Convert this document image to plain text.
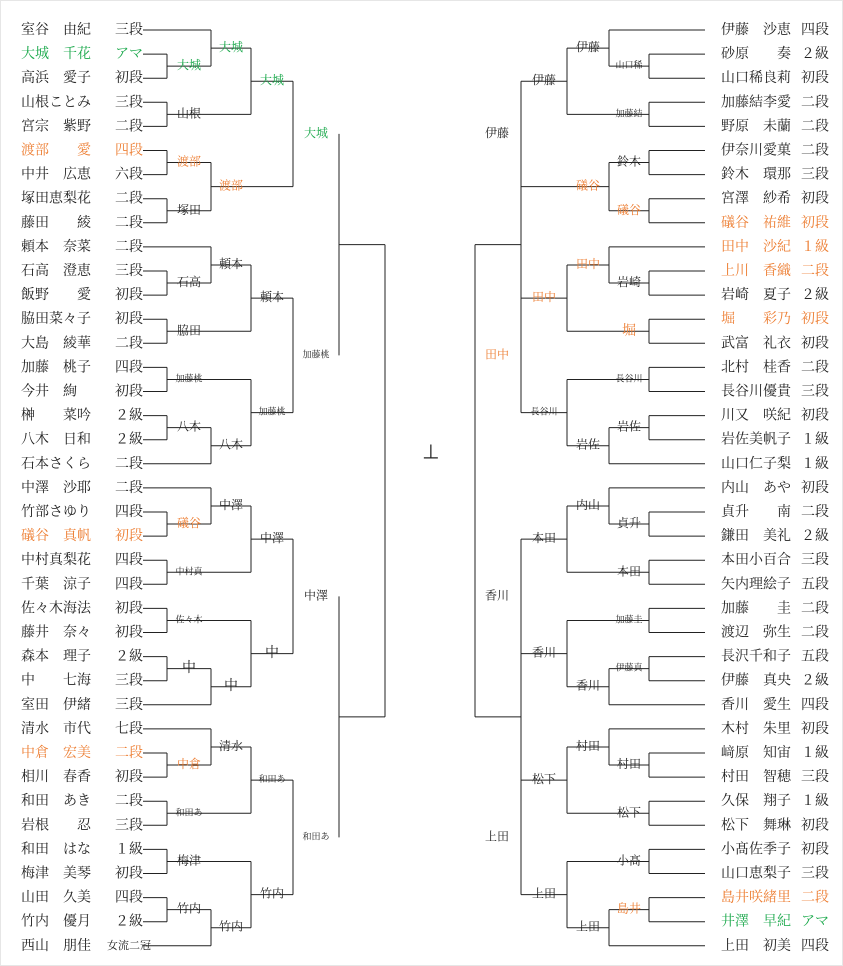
室谷　由紀 三段
大城　千花 アマ
高浜　愛子 初段
山根ことみ 三段
宮宗　紫野 二段
渡部　　愛 四段
中井　広恵 六段
塚田恵梨花 二段
藤田　　綾 二段
頼本　奈菜 二段
石高　澄恵 三段
飯野　　愛 初段
脇田菜々子 初段
大島　綾華 二段
加藤　桃子 四段
今井　絢	初段
榊　　菜吟 ２級
八木　日和 ２級
石本さくら 二段
中澤　沙耶 二段
竹部さゆり 四段
礒谷　真帆 初段
中村真梨花 四段
千葉　涼子 四段
佐々木海法 初段
藤井　奈々 初段
森本　理子 ２級
中　　七海 三段
室田　伊緒 三段
清水　市代 七段
中倉　宏美 二段
相川　春香 初段
和田　あき 二段
岩根　　忍 三段
和田　はな １級
梅津　美琴 初段
山田　久美 四段
竹内　優月 ２級
西山　朋佳 女流二冠
伊藤　沙恵 四段
砂原　　奏 ２級
山口稀良莉 初段
加藤結李愛 二段
野原　未蘭 二段
伊奈川愛菓 二段
鈴木　環那 三段
宮澤　紗希 初段
礒谷　祐維 初段
田中　沙紀 １級
上川　香織 二段
岩崎　夏子 ２級
堀　　彩乃 初段
武富　礼衣 初段
北村　桂香 二段
長谷川優貴 三段
川又　咲紀 初段
岩佐美帆子 １級
山口仁子梨 １級
内山　あや 初段
貞升　　南 二段
鎌田　美礼 ２級
本田小百合 三段
矢内理絵子 五段
加藤　　圭 二段
渡辺　弥生 二段
長沢千和子 五段
伊藤　真央 ２級
香川　愛生 四段
木村　朱里 初段
﨑原　知宙 １級
村田　智穂 三段
久保　翔子 １級
松下　舞琳 初段
小髙佐季子 初段
山口恵梨子 三段
島井咲緒里 二段
井澤　早紀 アマ
上田　初美 四段
大城
大城
山根
大城
渡部
塚田
渡部
大城
石高
頼本
脇田
頼本
加藤桃
八木
八木
加藤桃
加藤桃
礒谷
中澤
中村真
中澤
佐々木
中
中
中
中澤
中倉
清水
和田あ
和田あ
梅津
竹内
竹内
竹内
和田あ
山口稀
伊藤
加藤結
伊藤
鈴木
礒谷
礒谷
伊藤
岩崎
田中
堀
田中
長谷川
岩佐
岩佐
長谷川
田中
貞升
内山
本田
本田
加藤圭
伊藤真
香川
香川
香川
村田
村田
松下
松下
小髙
島井
上田
上田
上田
⊥
